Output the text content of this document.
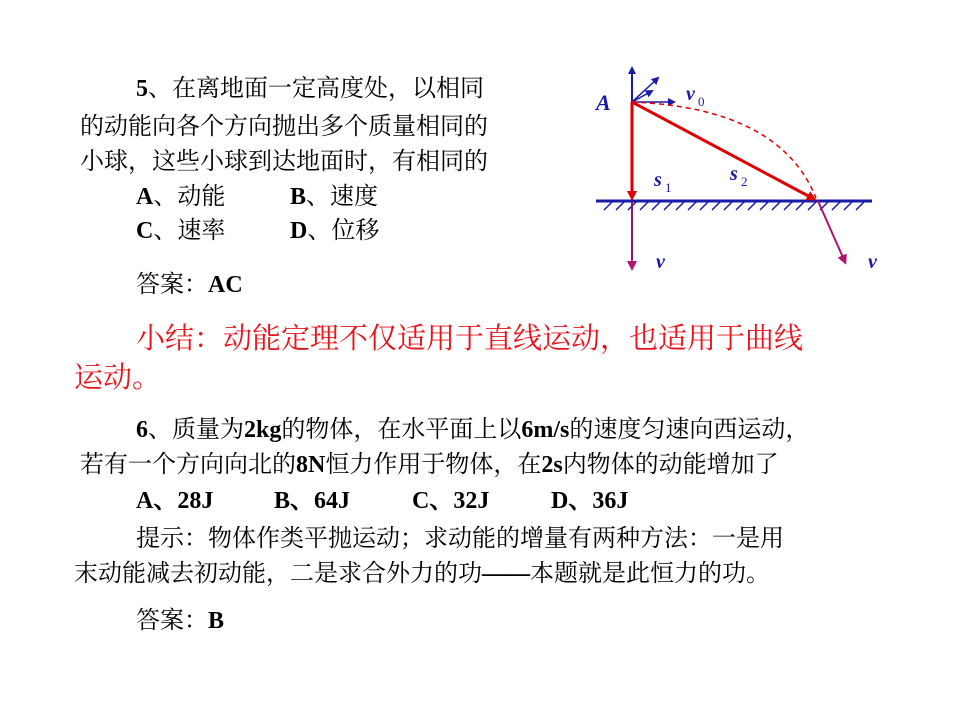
5、在离地面一定高度处，以相同
的动能向各个方向抛出多个质量相同的
小球，这些小球到达地面时，有相同的
A、动能	B、速度
C、速率	D、位移
答案：AC
A	v 0
s 1
s 2
v	v
小结：动能定理不仅适用于直线运动，也适用于曲线
运动。
6、质量为2kg的物体，在水平面上以6m/s的速度匀速向西运动，
若有一个方向向北的8N恒力作用于物体，在2s内物体的动能增加了
A、28J	B、64J	C、32J	D、36J
提示：物体作类平抛运动；求动能的增量有两种方法：一是用
末动能减去初动能，二是求合外力的功——本题就是此恒力的功。
答案：B
